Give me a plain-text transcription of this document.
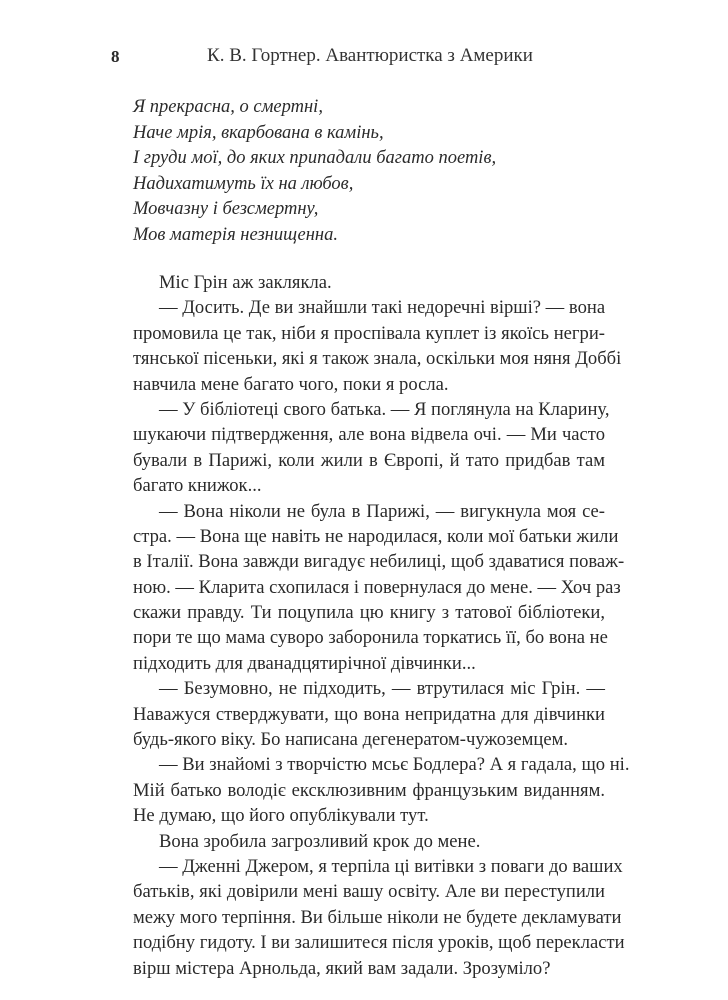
8	К. В. Гортнер. Авантюристка з Америки
Я прекрасна, о смертні,
Наче мрія, вкарбована в камінь,
І груди мої, до яких припадали багато поетів,
Надихатимуть їх на любов,
Мовчазну і безсмертну,
Мов матерія незнищенна.
Міс Грін аж заклякла.
— Досить. Де ви знайшли такі недоречні вірші? — вона
промовила це так, ніби я проспівала куплет із якоїсь негри-
тянської пісеньки, які я також знала, оскільки моя няня Доббі
навчила мене багато чого, поки я росла.
— У бібліотеці свого батька. — Я поглянула на Кларину,
шукаючи підтвердження, але вона відвела очі. — Ми часто
бували в Парижі, коли жили в Європі, й тато придбав там
багато книжок...
— Вона ніколи не була в Парижі, — вигукнула моя се-
стра. — Вона ще навіть не народилася, коли мої батьки жили
в Італії. Вона завжди вигадує небилиці, щоб здаватися поваж-
ною. — Кларита схопилася і повернулася до мене. — Хоч раз
скажи правду. Ти поцупила цю книгу з татової бібліотеки,
пори те що мама суворо заборонила торкатись її, бо вона не
підходить для дванадцятирічної дівчинки...
— Безумовно, не підходить, — втрутилася міс Грін. —
Наважуся стверджувати, що вона непридатна для дівчинки
будь-якого віку. Бо написана дегенератом-чужоземцем.
— Ви знайомі з творчістю мсьє Бодлера? А я гадала, що ні.
Мій батько володіє ексклюзивним французьким виданням.
Не думаю, що його опублікували тут.
Вона зробила загрозливий крок до мене.
— Дженні Джером, я терпіла ці витівки з поваги до ваших
батьків, які довірили мені вашу освіту. Але ви переступили
межу мого терпіння. Ви більше ніколи не будете декламувати
подібну гидоту. І ви залишитеся після уроків, щоб перекласти
вірш містера Арнольда, який вам задали. Зрозуміло?
